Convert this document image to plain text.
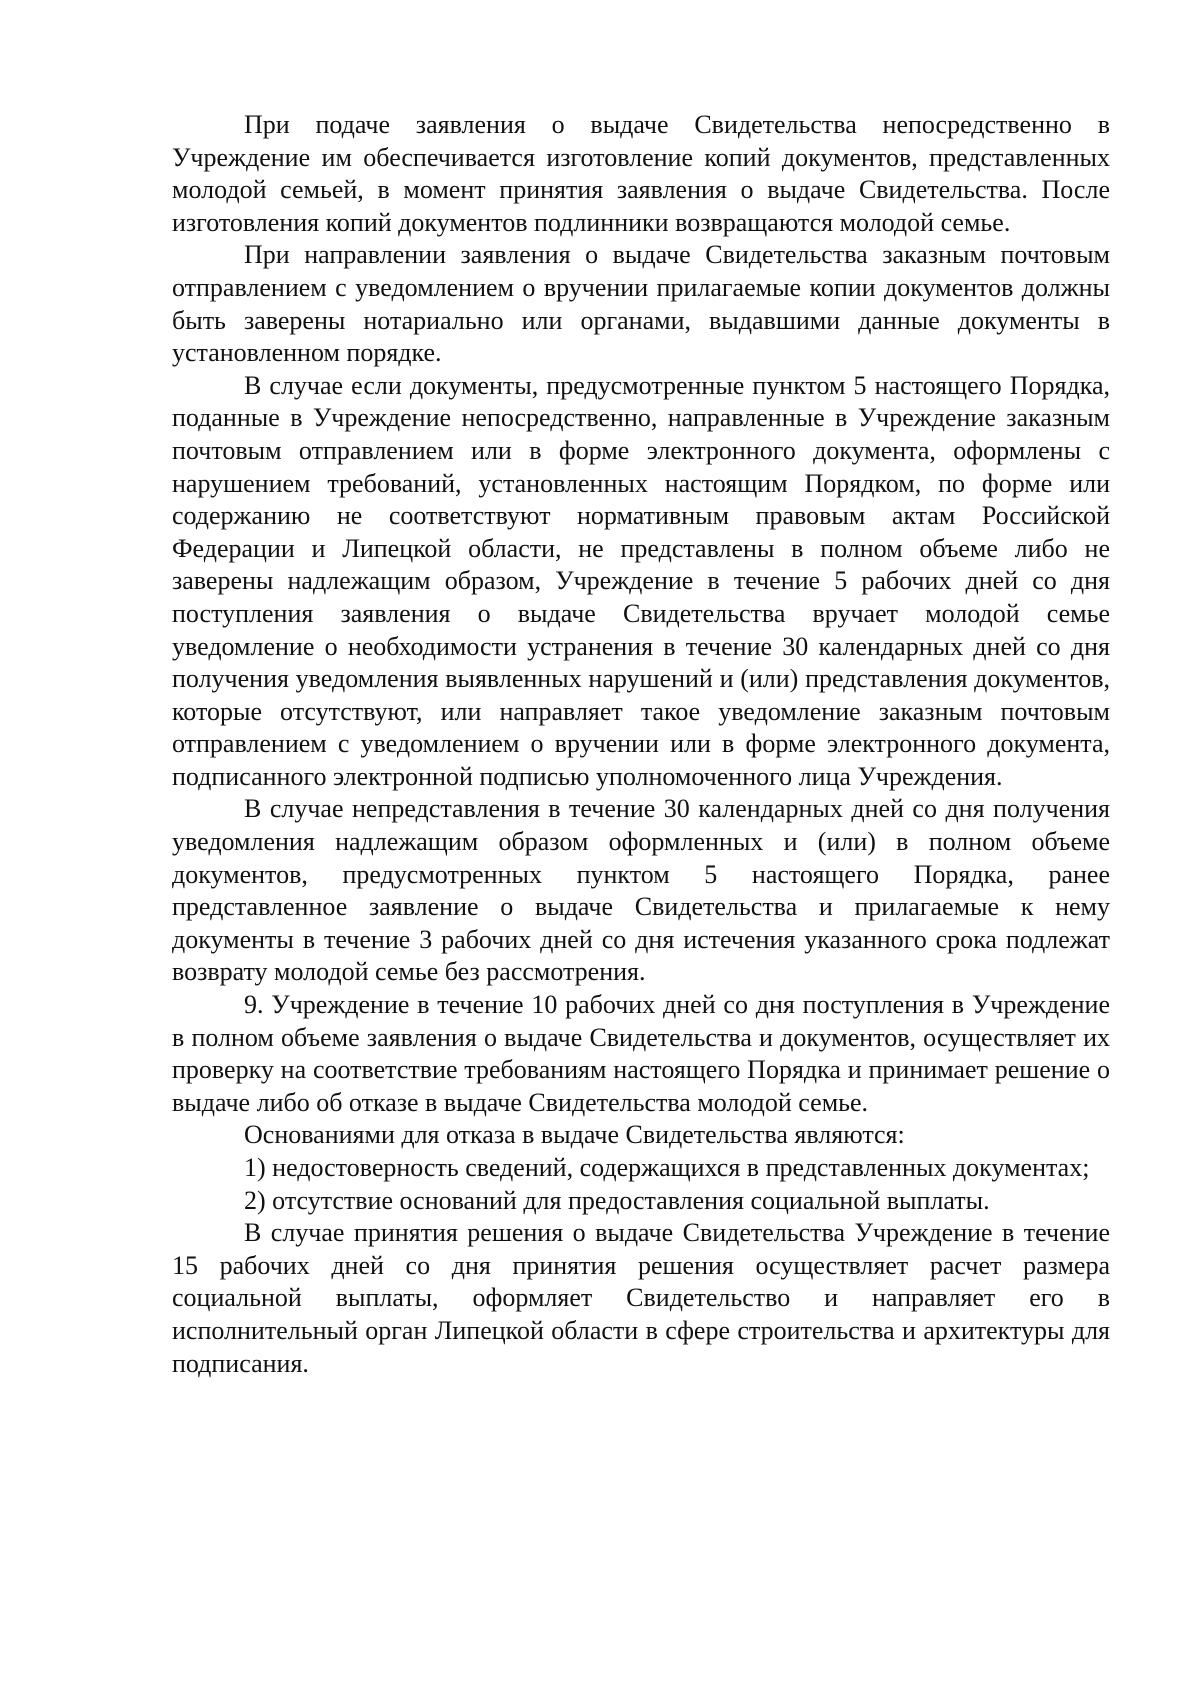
При подаче заявления о выдаче Свидетельства непосредственно в Учреждение им обеспечивается изготовление копий документов, представленных молодой семьей, в момент принятия заявления о выдаче Свидетельства. После изготовления копий документов подлинники возвращаются молодой семье.

При направлении заявления о выдаче Свидетельства заказным почтовым отправлением с уведомлением о вручении прилагаемые копии документов должны быть заверены нотариально или органами, выдавшими данные документы в установленном порядке.

В случае если документы, предусмотренные пунктом 5 настоящего Порядка, поданные в Учреждение непосредственно, направленные в Учреждение заказным почтовым отправлением или в форме электронного документа, оформлены с нарушением требований, установленных настоящим Порядком, по форме или содержанию не соответствуют нормативным правовым актам Российской Федерации и Липецкой области, не представлены в полном объеме либо не заверены надлежащим образом, Учреждение в течение 5 рабочих дней со дня поступления заявления о выдаче Свидетельства вручает молодой семье уведомление о необходимости устранения в течение 30 календарных дней со дня получения уведомления выявленных нарушений и (или) представления документов, которые отсутствуют, или направляет такое уведомление заказным почтовым отправлением с уведомлением о вручении или в форме электронного документа, подписанного электронной подписью уполномоченного лица Учреждения.

В случае непредставления в течение 30 календарных дней со дня получения уведомления надлежащим образом оформленных и (или) в полном объеме документов, предусмотренных пунктом 5 настоящего Порядка, ранее представленное заявление о выдаче Свидетельства и прилагаемые к нему документы в течение 3 рабочих дней со дня истечения указанного срока подлежат возврату молодой семье без рассмотрения.

9. Учреждение в течение 10 рабочих дней со дня поступления в Учреждение в полном объеме заявления о выдаче Свидетельства и документов, осуществляет их проверку на соответствие требованиям настоящего Порядка и принимает решение о выдаче либо об отказе в выдаче Свидетельства молодой семье.

Основаниями для отказа в выдаче Свидетельства являются:

1) недостоверность сведений, содержащихся в представленных документах;

2) отсутствие оснований для предоставления социальной выплаты.

В случае принятия решения о выдаче Свидетельства Учреждение в течение 15 рабочих дней со дня принятия решения осуществляет расчет размера социальной выплаты, оформляет Свидетельство и направляет его в исполнительный орган Липецкой области в сфере строительства и архитектуры для подписания.
